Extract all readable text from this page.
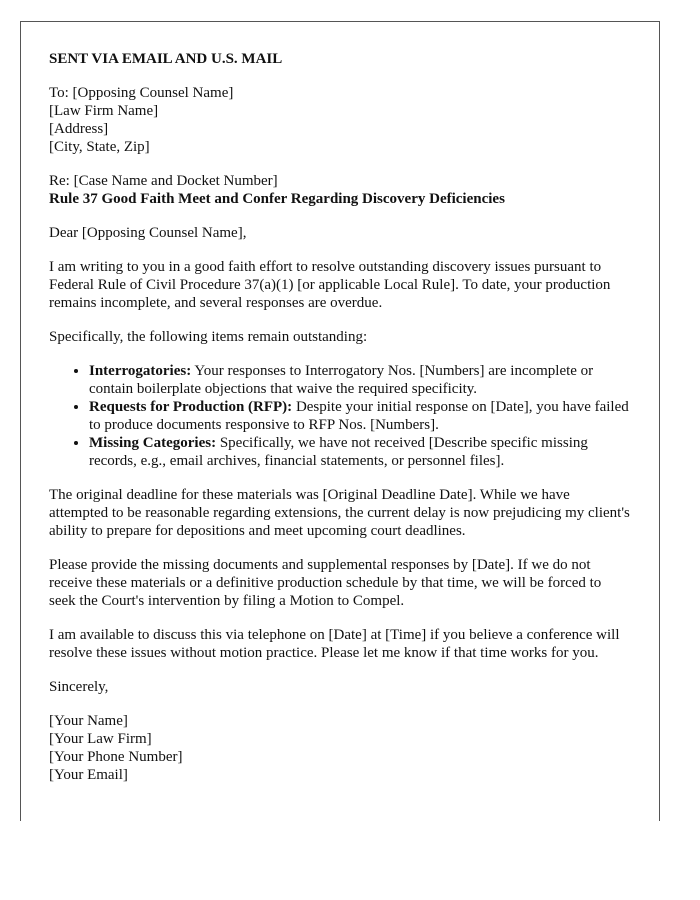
SENT VIA EMAIL AND U.S. MAIL
To: [Opposing Counsel Name]
[Law Firm Name]
[Address]
[City, State, Zip]
Re: [Case Name and Docket Number]
Rule 37 Good Faith Meet and Confer Regarding Discovery Deficiencies

Dear [Opposing Counsel Name],

I am writing to you in a good faith effort to resolve outstanding discovery issues pursuant to Federal Rule of Civil Procedure 37(a)(1) [or applicable Local Rule]. To date, your production remains incomplete, and several responses are overdue.

Specifically, the following items remain outstanding:

• Interrogatories: Your responses to Interrogatory Nos. [Numbers] are incomplete or contain boilerplate objections that waive the required specificity.
• Requests for Production (RFP): Despite your initial response on [Date], you have failed to produce documents responsive to RFP Nos. [Numbers].
• Missing Categories: Specifically, we have not received [Describe specific missing records, e.g., email archives, financial statements, or personnel files].

The original deadline for these materials was [Original Deadline Date]. While we have attempted to be reasonable regarding extensions, the current delay is now prejudicing my client's ability to prepare for depositions and meet upcoming court deadlines.

Please provide the missing documents and supplemental responses by [Date]. If we do not receive these materials or a definitive production schedule by that time, we will be forced to seek the Court's intervention by filing a Motion to Compel.

I am available to discuss this via telephone on [Date] at [Time] if you believe a conference will resolve these issues without motion practice. Please let me know if that time works for you.

Sincerely,

[Your Name]
[Your Law Firm]
[Your Phone Number]
[Your Email]
